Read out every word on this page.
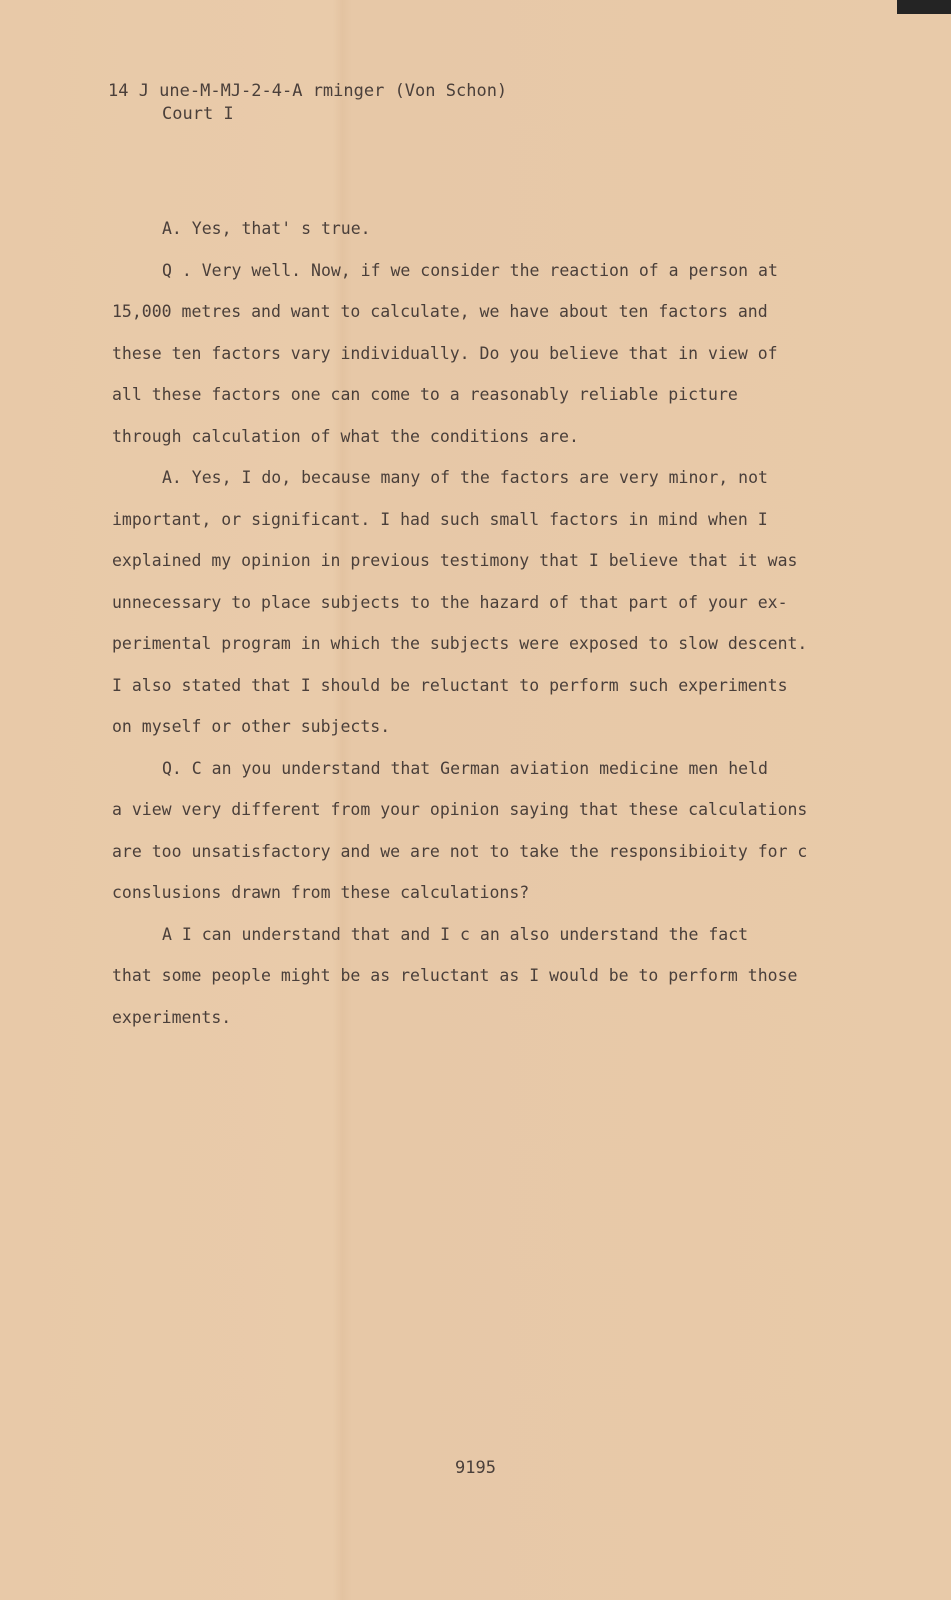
14 J une-M-MJ-2-4-A rminger (Von Schon)
Court I
A. Yes, that' s true.
Q . Very well. Now, if we consider the reaction of a person at
15,000 metres and want to calculate, we have about ten factors and
these ten factors vary individually. Do you believe that in view of
all these factors one can come to a reasonably reliable picture
through calculation of what the conditions are.
A. Yes, I do, because many of the factors are very minor, not
important, or significant. I had such small factors in mind when I
explained my opinion in previous testimony that I believe that it was
unnecessary to place subjects to the hazard of that part of your ex-
perimental program in which the subjects were exposed to slow descent.
I also stated that I should be reluctant to perform such experiments
on myself or other subjects.
Q. C an you understand that German aviation medicine men held
a view very different from your opinion saying that these calculations
are too unsatisfactory and we are not to take the responsibioity for c
conslusions drawn from these calculations?
A I can understand that and I c an also understand the fact
that some people might be as reluctant as I would be to perform those
experiments.
9195
